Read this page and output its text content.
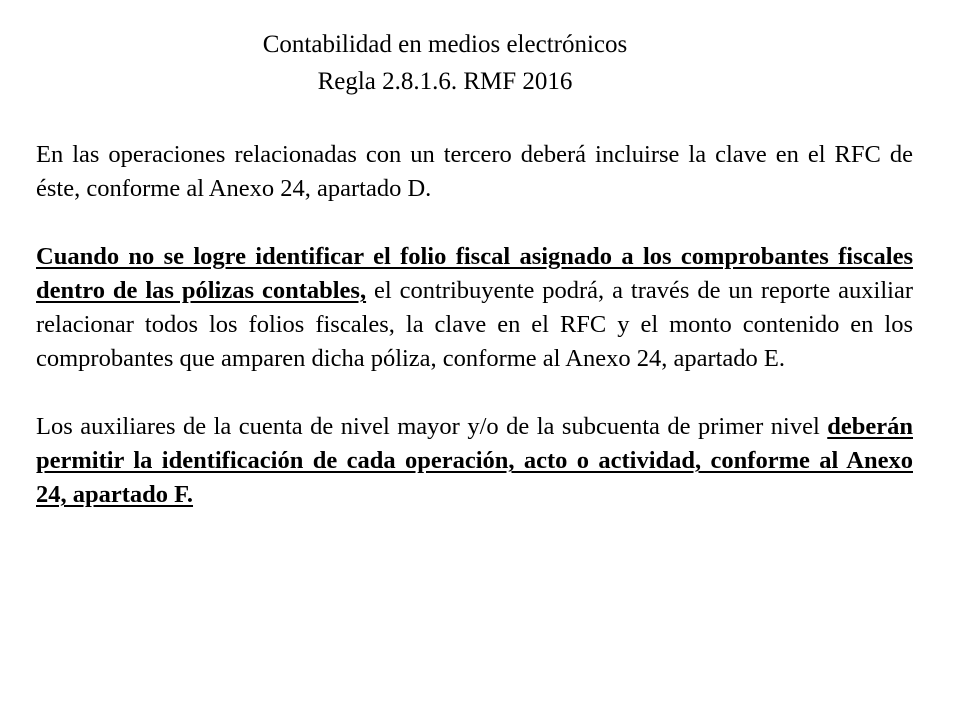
Contabilidad en medios electrónicos
Regla 2.8.1.6. RMF 2016

En las operaciones relacionadas con un tercero deberá incluirse la clave en el RFC de éste, conforme al Anexo 24, apartado D.

Cuando no se logre identificar el folio fiscal asignado a los comprobantes fiscales dentro de las pólizas contables, el contribuyente podrá, a través de un reporte auxiliar relacionar todos los folios fiscales, la clave en el RFC y el monto contenido en los comprobantes que amparen dicha póliza, conforme al Anexo 24, apartado E.

Los auxiliares de la cuenta de nivel mayor y/o de la subcuenta de primer nivel deberán permitir la identificación de cada operación, acto o actividad, conforme al Anexo 24, apartado F.
